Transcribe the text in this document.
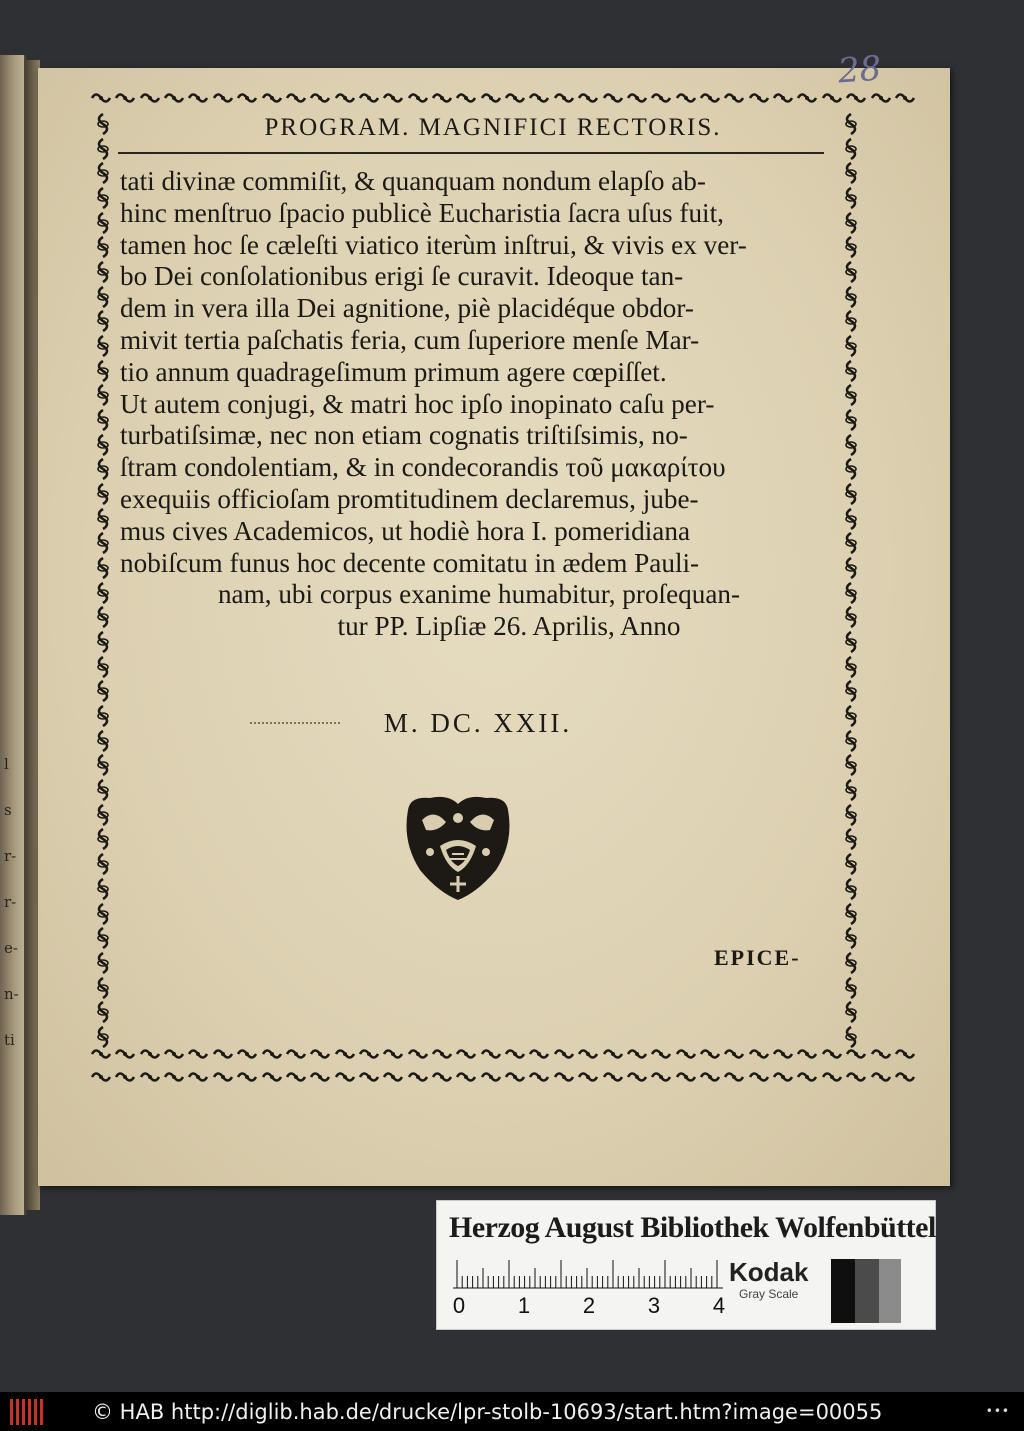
l
s
r-
r-
e-
n-
ti
PROGRAM. MAGNIFICI RECTORIS.
tati divinæ commiſit, & quanquam nondum elapſo ab-
hinc menſtruo ſpacio publicè Eucharistia ſacra uſus fuit,
tamen hoc ſe cæleſti viatico iterùm inſtrui, & vivis ex ver-
bo Dei conſolationibus erigi ſe curavit. Ideoque tan-
dem in vera illa Dei agnitione, piè placidéque obdor-
mivit tertia paſchatis feria, cum ſuperiore menſe Mar-
tio annum quadrageſimum primum agere cœpiſſet.
Ut autem conjugi, & matri hoc ipſo inopinato caſu per-
turbatiſsimæ, nec non etiam cognatis triſtiſsimis, no-
ſtram condolentiam, & in condecorandis τοῦ μακαρίτου
exequiis officioſam promtitudinem declaremus, jube-
mus cives Academicos, ut hodiè hora I. pomeridiana
nobiſcum funus hoc decente comitatu in ædem Pauli-
nam, ubi corpus exanime humabitur, proſequan-
tur PP. Lipſiæ 26. Aprilis, Anno
M. DC. XXII.
EPICE-
28
Herzog August Bibliothek Wolfenbüttel
0 1 2 3 4
Kodak
Gray Scale
© HAB http://diglib.hab.de/drucke/lpr-stolb-10693/start.htm?image=00055	•••
